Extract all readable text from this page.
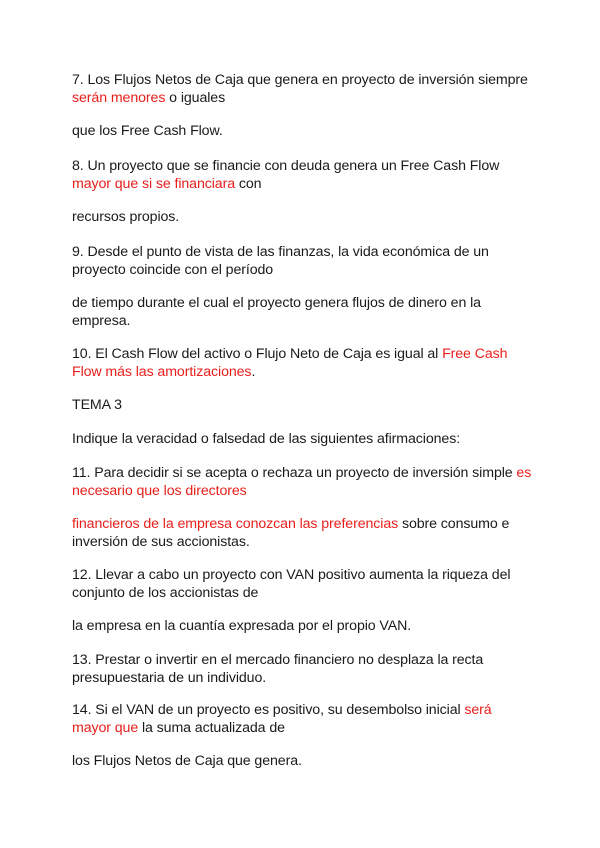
7. Los Flujos Netos de Caja que genera en proyecto de inversión siempre serán menores o iguales

que los Free Cash Flow.

8. Un proyecto que se financie con deuda genera un Free Cash Flow mayor que si se financiara con

recursos propios.

9. Desde el punto de vista de las finanzas, la vida económica de un proyecto coincide con el período

de tiempo durante el cual el proyecto genera flujos de dinero en la empresa.

10. El Cash Flow del activo o Flujo Neto de Caja es igual al Free Cash Flow más las amortizaciones.

TEMA 3

Indique la veracidad o falsedad de las siguientes afirmaciones:

11. Para decidir si se acepta o rechaza un proyecto de inversión simple es necesario que los directores

financieros de la empresa conozcan las preferencias sobre consumo e inversión de sus accionistas.

12. Llevar a cabo un proyecto con VAN positivo aumenta la riqueza del conjunto de los accionistas de

la empresa en la cuantía expresada por el propio VAN.

13. Prestar o invertir en el mercado financiero no desplaza la recta presupuestaria de un individuo.

14. Si el VAN de un proyecto es positivo, su desembolso inicial será mayor que la suma actualizada de

los Flujos Netos de Caja que genera.
